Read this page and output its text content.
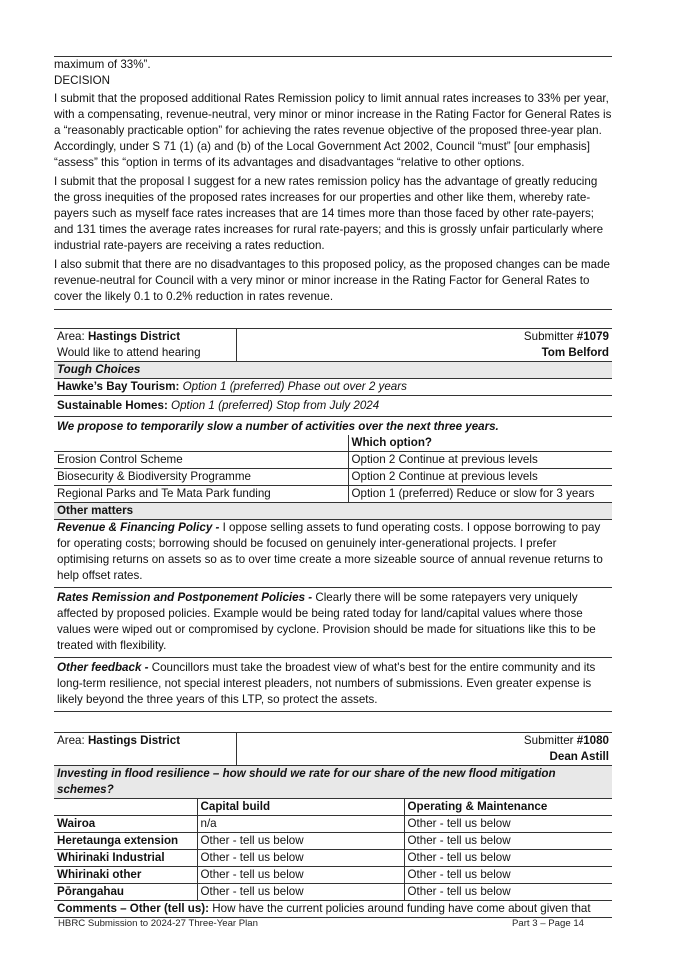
maximum of 33%”.

DECISION

I submit that the proposed additional Rates Remission policy to limit annual rates increases to 33% per year, with a compensating, revenue-neutral, very minor or minor increase in the Rating Factor for General Rates is a “reasonably practicable option” for achieving the rates revenue objective of the proposed three-year plan. Accordingly, under S 71 (1) (a) and (b) of the Local Government Act 2002, Council “must” [our emphasis] “assess” this “option in terms of its advantages and disadvantages “relative to other options.

I submit that the proposal I suggest for a new rates remission policy has the advantage of greatly reducing the gross inequities of the proposed rates increases for our properties and other like them, whereby rate-payers such as myself face rates increases that are 14 times more than those faced by other rate-payers; and 131 times the average rates increases for rural rate-payers; and this is grossly unfair particularly where industrial rate-payers are receiving a rates reduction.

I also submit that there are no disadvantages to this proposed policy, as the proposed changes can be made revenue-neutral for Council with a very minor or minor increase in the Rating Factor for General Rates to cover the likely 0.1 to 0.2% reduction in rates revenue.

Area: Hastings District
Would like to attend hearing	Submitter #1079
Tom Belford	
Tough Choices		
Hawke’s Bay Tourism: Option 1 (preferred) Phase out over 2 years		
Sustainable Homes: Option 1 (preferred) Stop from July 2024		
We propose to temporarily slow a number of activities over the next three years.		
		Which option?
Erosion Control Scheme		Option 2 Continue at previous levels
Biosecurity & Biodiversity Programme		Option 2 Continue at previous levels
Regional Parks and Te Mata Park funding		Option 1 (preferred) Reduce or slow for 3 years
Other matters		
Revenue & Financing Policy - I oppose selling assets to fund operating costs. I oppose borrowing to pay for operating costs; borrowing should be focused on genuinely inter-generational projects. I prefer optimising returns on assets so as to over time create a more sizeable source of annual revenue returns to help offset rates.		
Rates Remission and Postponement Policies - Clearly there will be some ratepayers very uniquely affected by proposed policies. Example would be being rated today for land/capital values where those values were wiped out or compromised by cyclone. Provision should be made for situations like this to be treated with flexibility.		
Other feedback - Councillors must take the broadest view of what's best for the entire community and its long-term resilience, not special interest pleaders, not numbers of submissions. Even greater expense is likely beyond the three years of this LTP, so protect the assets.		
Area: Hastings District		Submitter #1080
Dean Astill	
Investing in flood resilience – how should we rate for our share of the new flood mitigation schemes?			
	Capital build		Operating & Maintenance
Wairoa	n/a		Other - tell us below
Heretaunga extension	Other - tell us below		Other - tell us below
Whirinaki Industrial	Other - tell us below		Other - tell us below
Whirinaki other	Other - tell us below		Other - tell us below
Pōrangahau	Other - tell us below		Other - tell us below
Comments – Other (tell us): How have the current policies around funding have come about given that			
HBRC Submission to 2024-27 Three-Year Plan	Part 3 – Page 14
